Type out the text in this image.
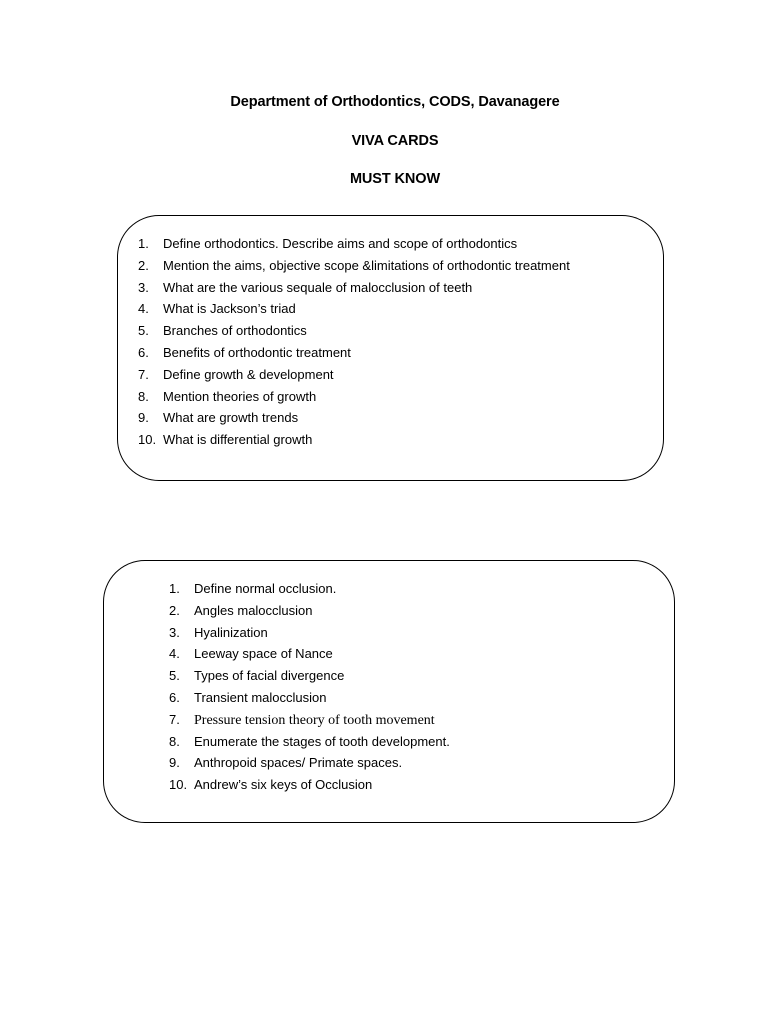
Department of Orthodontics, CODS, Davanagere
VIVA CARDS
MUST KNOW
1. Define orthodontics. Describe aims and scope of orthodontics
2. Mention the aims, objective scope &limitations of orthodontic treatment
3. What are the various sequale of malocclusion of teeth
4. What is Jackson’s triad
5. Branches of orthodontics
6. Benefits of orthodontic treatment
7. Define growth & development
8. Mention theories of growth
9. What are growth trends
10. What is differential growth
1. Define normal occlusion.
2. Angles malocclusion
3. Hyalinization
4. Leeway space of Nance
5. Types of facial divergence
6. Transient malocclusion
7. Pressure tension theory of tooth movement
8. Enumerate the stages of tooth development.
9. Anthropoid spaces/ Primate spaces.
10. Andrew’s six keys of Occlusion
